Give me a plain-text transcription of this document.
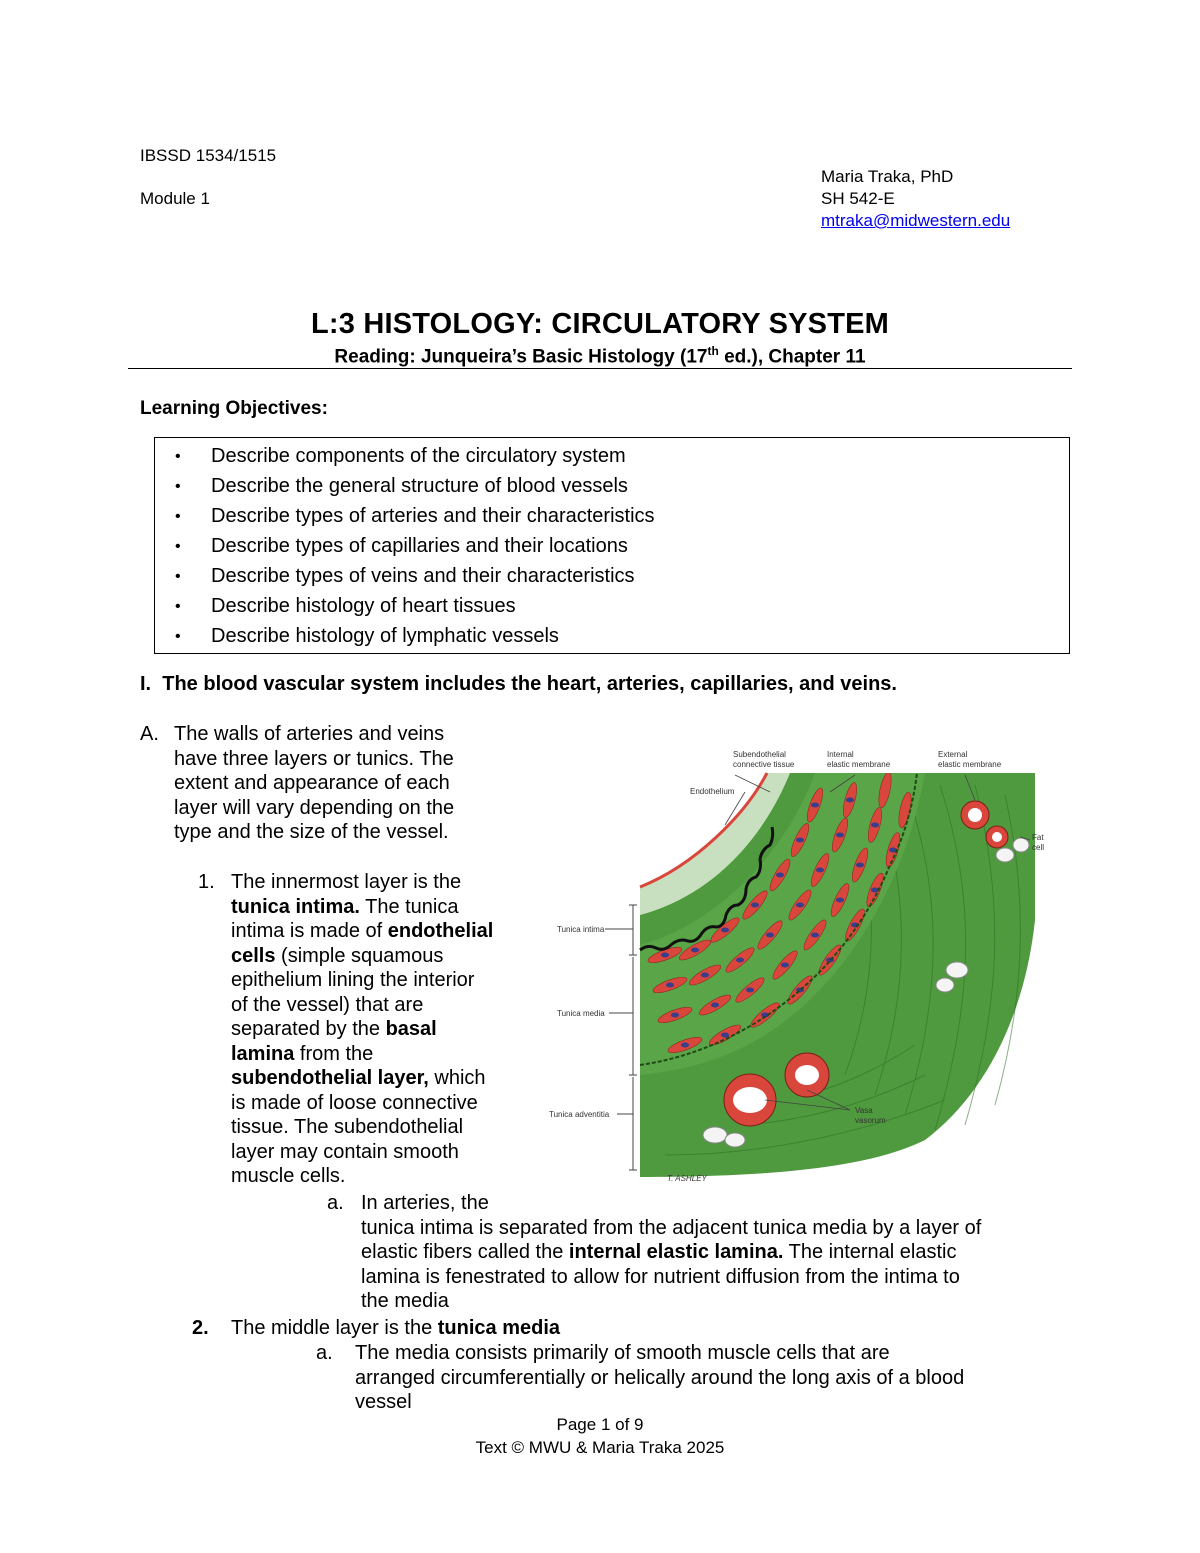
IBSSD 1534/1515
Module 1
Maria Traka, PhD
SH 542-E
mtraka@midwestern.edu
L:3 HISTOLOGY: CIRCULATORY SYSTEM
Reading: Junqueira’s Basic Histology (17th ed.), Chapter 11
Learning Objectives:
• Describe components of the circulatory system
• Describe the general structure of blood vessels
• Describe types of arteries and their characteristics
• Describe types of capillaries and their locations
• Describe types of veins and their characteristics
• Describe histology of heart tissues
• Describe histology of lymphatic vessels
I. The blood vascular system includes the heart, arteries, capillaries, and veins.
A. The walls of arteries and veins
have three layers or tunics. The
extent and appearance of each
layer will vary depending on the
type and the size of the vessel.
1. The innermost layer is the
tunica intima. The tunica
intima is made of endothelial
cells (simple squamous
epithelium lining the interior
of the vessel) that are
separated by the basal
lamina from the
subendothelial layer, which
is made of loose connective
tissue. The subendothelial
layer may contain smooth
muscle cells.
a. In arteries, the
tunica intima is separated from the adjacent tunica media by a layer of
elastic fibers called the internal elastic lamina. The internal elastic
lamina is fenestrated to allow for nutrient diffusion from the intima to
the media
2. The middle layer is the tunica media
a. The media consists primarily of smooth muscle cells that are
arranged circumferentially or helically around the long axis of a blood
vessel
Subendothelial
connective tissue
Internal
elastic membrane
External
elastic membrane
Endothelium
Fat
cell
Tunica intima
Tunica media
Tunica adventitia	Vasa
vasorum
T. ASHLEY
Page 1 of 9
Text © MWU & Maria Traka 2025
